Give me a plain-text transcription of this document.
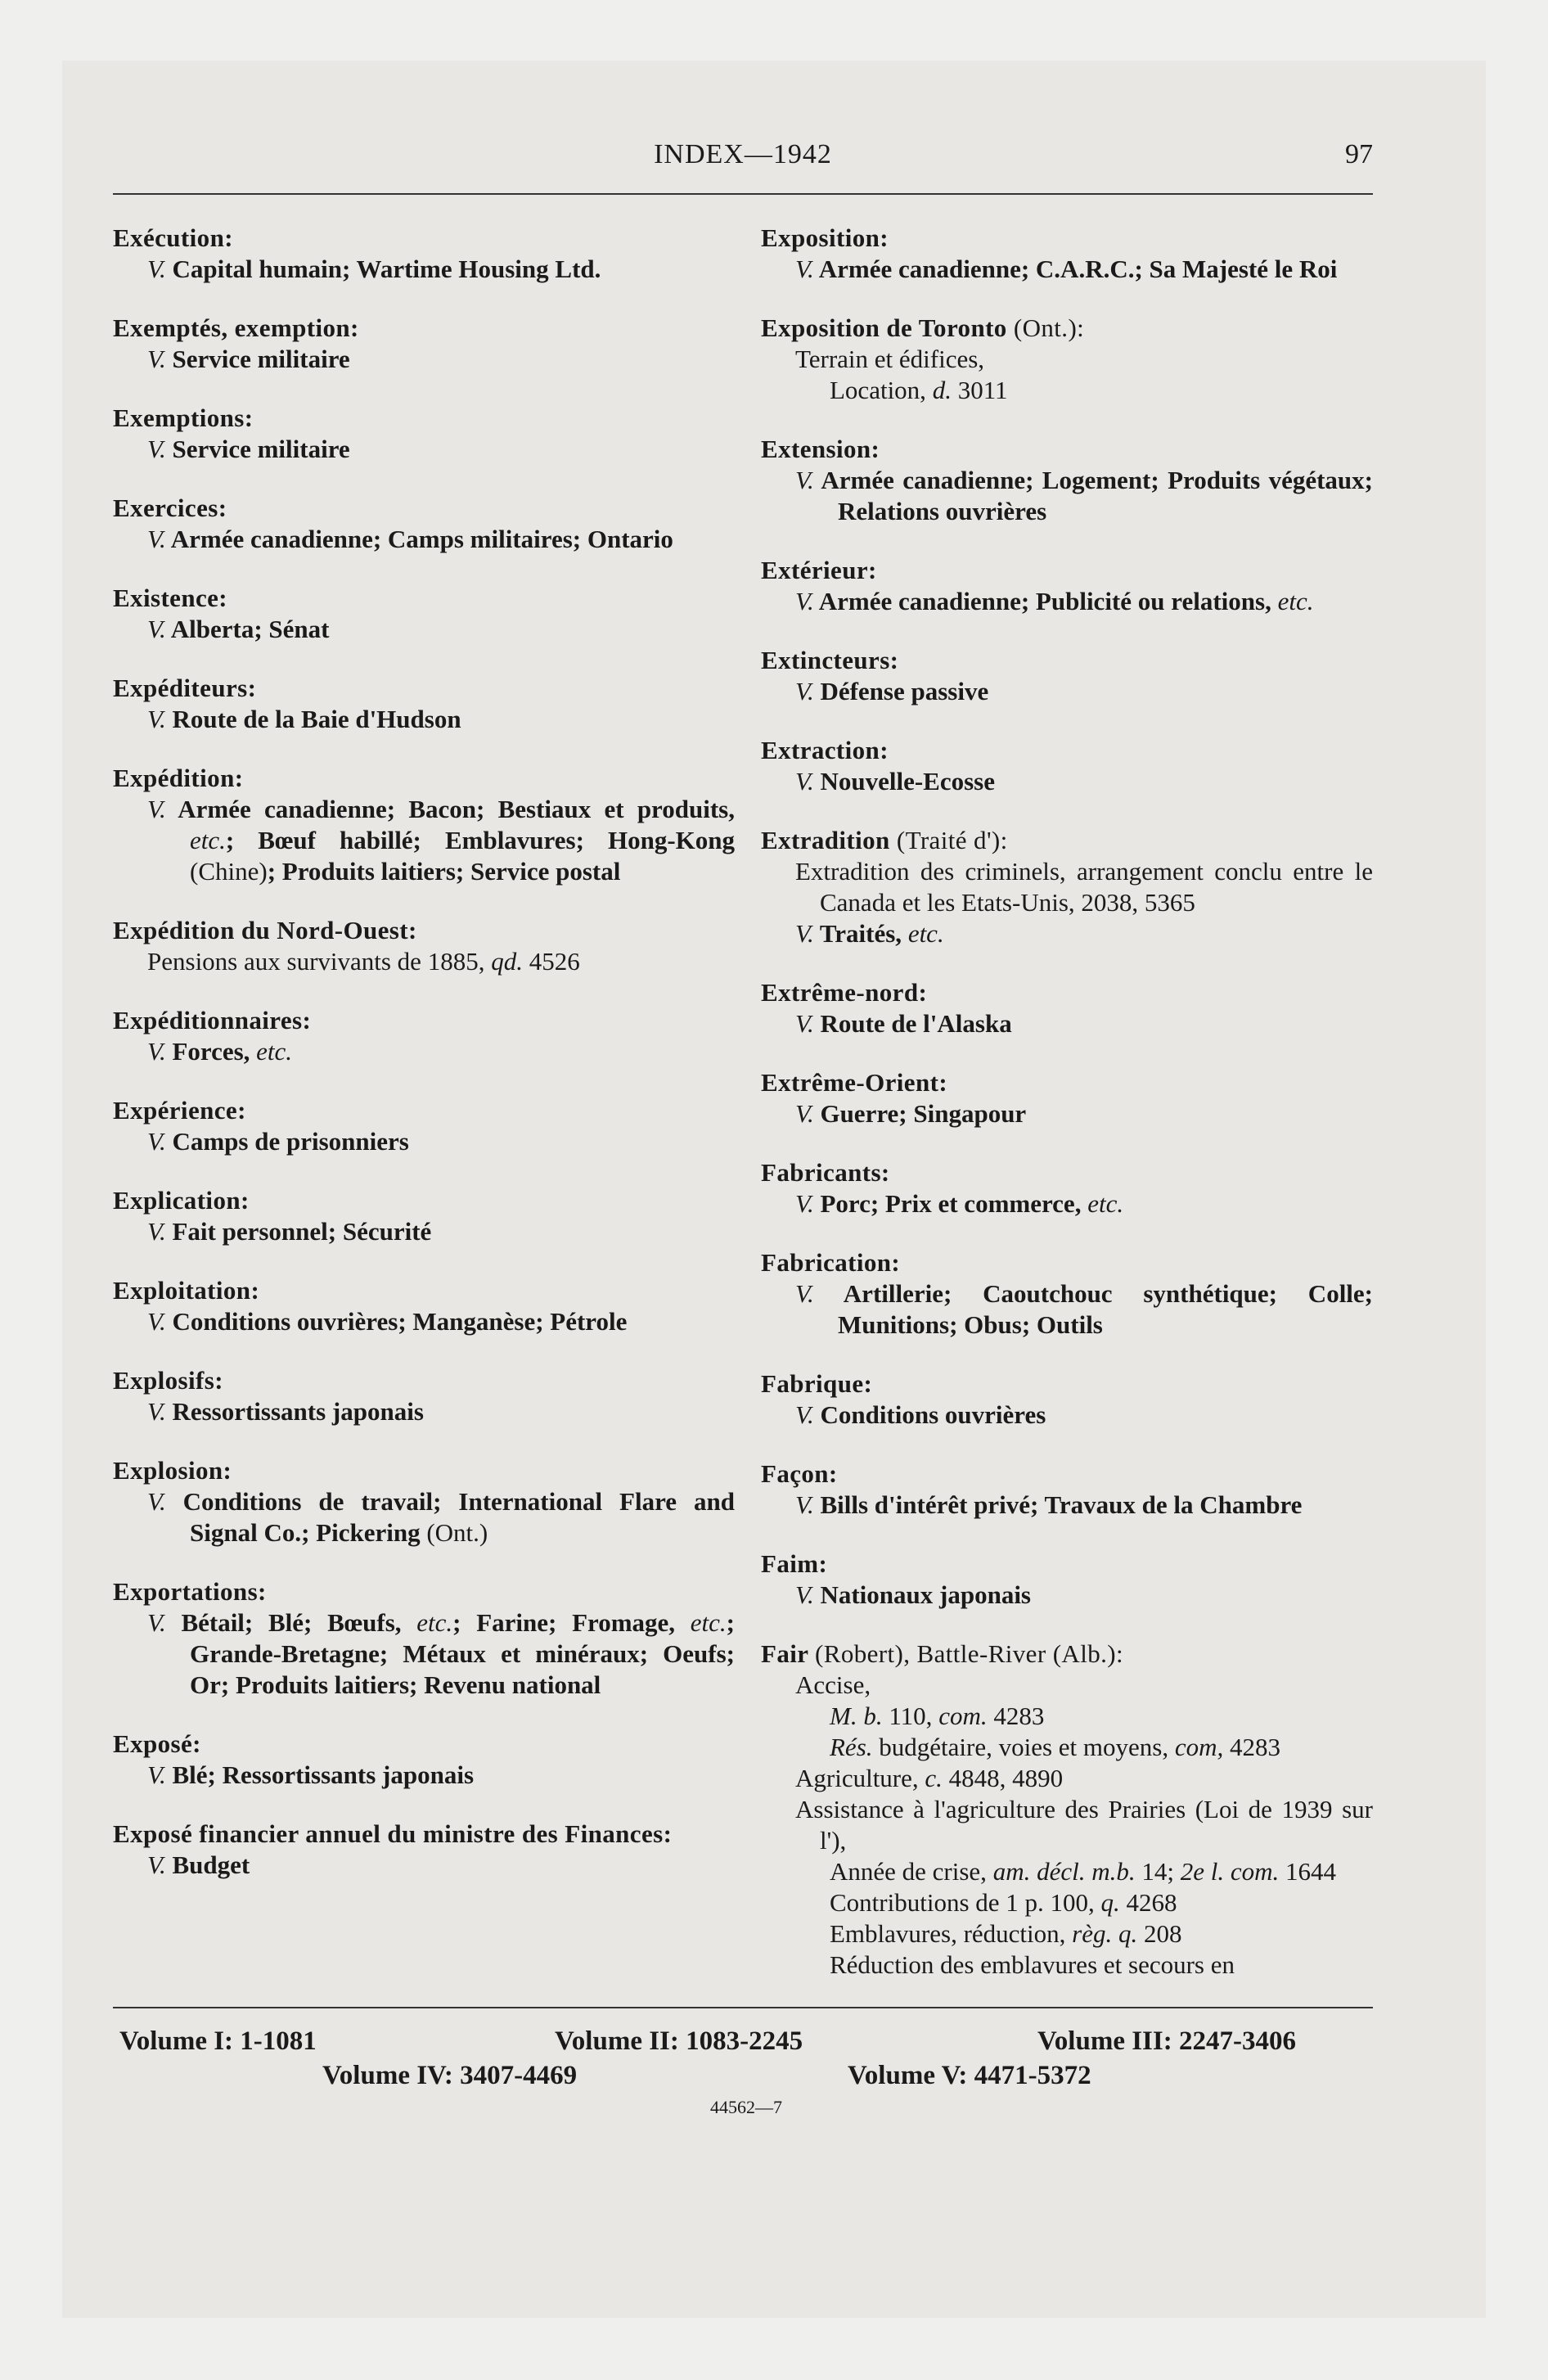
INDEX—1942	97
Exécution:
V. Capital humain; Wartime Housing Ltd.
Exemptés, exemption:
V. Service militaire
Exemptions:
V. Service militaire
Exercices:
V. Armée canadienne; Camps militaires; Ontario
Existence:
V. Alberta; Sénat
Expéditeurs:
V. Route de la Baie d'Hudson
Expédition:
V. Armée canadienne; Bacon; Bestiaux et produits, etc.; Bœuf habillé; Emblavures; Hong-Kong (Chine); Produits laitiers; Service postal
Expédition du Nord-Ouest:
Pensions aux survivants de 1885, qd. 4526
Expéditionnaires:
V. Forces, etc.
Expérience:
V. Camps de prisonniers
Explication:
V. Fait personnel; Sécurité
Exploitation:
V. Conditions ouvrières; Manganèse; Pétrole
Explosifs:
V. Ressortissants japonais
Explosion:
V. Conditions de travail; International Flare and Signal Co.; Pickering (Ont.)
Exportations:
V. Bétail; Blé; Bœufs, etc.; Farine; Fromage, etc.; Grande-Bretagne; Métaux et minéraux; Oeufs; Or; Produits laitiers; Revenu national
Exposé:
V. Blé; Ressortissants japonais
Exposé financier annuel du ministre des Finances:
V. Budget
Exposition:
V. Armée canadienne; C.A.R.C.; Sa Majesté le Roi
Exposition de Toronto (Ont.):
Terrain et édifices,
Location, d. 3011
Extension:
V. Armée canadienne; Logement; Produits végétaux; Relations ouvrières
Extérieur:
V. Armée canadienne; Publicité ou relations, etc.
Extincteurs:
V. Défense passive
Extraction:
V. Nouvelle-Ecosse
Extradition (Traité d'):
Extradition des criminels, arrangement conclu entre le Canada et les Etats-Unis, 2038, 5365
V. Traités, etc.
Extrême-nord:
V. Route de l'Alaska
Extrême-Orient:
V. Guerre; Singapour
Fabricants:
V. Porc; Prix et commerce, etc.
Fabrication:
V. Artillerie; Caoutchouc synthétique; Colle; Munitions; Obus; Outils
Fabrique:
V. Conditions ouvrières
Façon:
V. Bills d'intérêt privé; Travaux de la Chambre
Faim:
V. Nationaux japonais
Fair (Robert), Battle-River (Alb.):
Accise,
M. b. 110, com. 4283
Rés. budgétaire, voies et moyens, com, 4283
Agriculture, c. 4848, 4890
Assistance à l'agriculture des Prairies (Loi de 1939 sur l'),
Année de crise, am. décl. m.b. 14; 2e l. com. 1644
Contributions de 1 p. 100, q. 4268
Emblavures, réduction, règ. q. 208
Réduction des emblavures et secours en
Volume I: 1-1081	Volume II: 1083-2245	Volume III: 2247-3406
Volume IV: 3407-4469	Volume V: 4471-5372
44562—7
